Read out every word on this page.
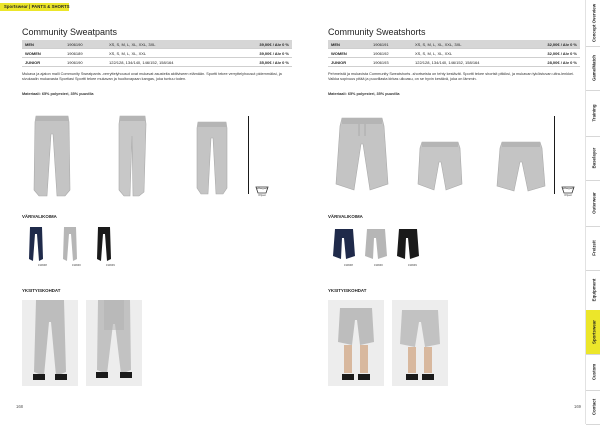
Sportswear | PANTS & SHORTS
Community Sweatpants
MEN	1906190	XS, S, M, L, XL, XXL, 3XL	39,00€ / Alv 0 %
WOMEN	1906189	XS, S, M, L, XL, XXL	39,00€ / Alv 0 %
JUNIOR	1906190	122/128, 134/140, 146/152, 158/164	35,00€ / Alv 0 %
Mukava ja ajaton malli Community Sweatpants -verryttelyhousut ovat mukavat asusteita aktiiviseen elämään. Sportti tekee verryttelyhousut pidemmäksi, ja sivukaalin mukavasta Sportiasi Sportti tekee mukavan ja huoltovapaan kangas, joka tuntuu toden.
Materiaali: 65% polyesteri, 35% puuvilla
Ohjeet
VÄRIVALIKOIMA
1906Z8	1906Z0	1906Z9
YKSITYISKOHDAT
168
Community Sweatshorts
MEN	1906191	XS, S, M, L, XL, XXL, 3XL	32,00€ / Alv 0 %
WOMEN	1906192	XS, S, M, L, XL, XXL	32,00€ / Alv 0 %
JUNIOR	1906193	122/128, 134/140, 146/152, 158/164	28,00€ / Alv 0 %
Pehmeistä ja mukavista Community Sweatshorts -shortseista on tehty kestävät. Sportti tekee shortsit pitkiksi, ja mukavan tyköistuvan ultra-lenkkei. Vaikka sopivuus pitää ja puuvillasta kirkas ulkoasu, on se hyvin kestävä, joka on lämmin.
Materiaali: 65% polyesteri, 35% puuvilla
Ohjeet
VÄRIVALIKOIMA
1906Z8	1906Z0	1906Z9
YKSITYISKOHDAT
169
Concept Overview
Game/Match
Training
Baselayer
Outerwear
Freizeit
Equipment
Sportswear
Custom
Contact
